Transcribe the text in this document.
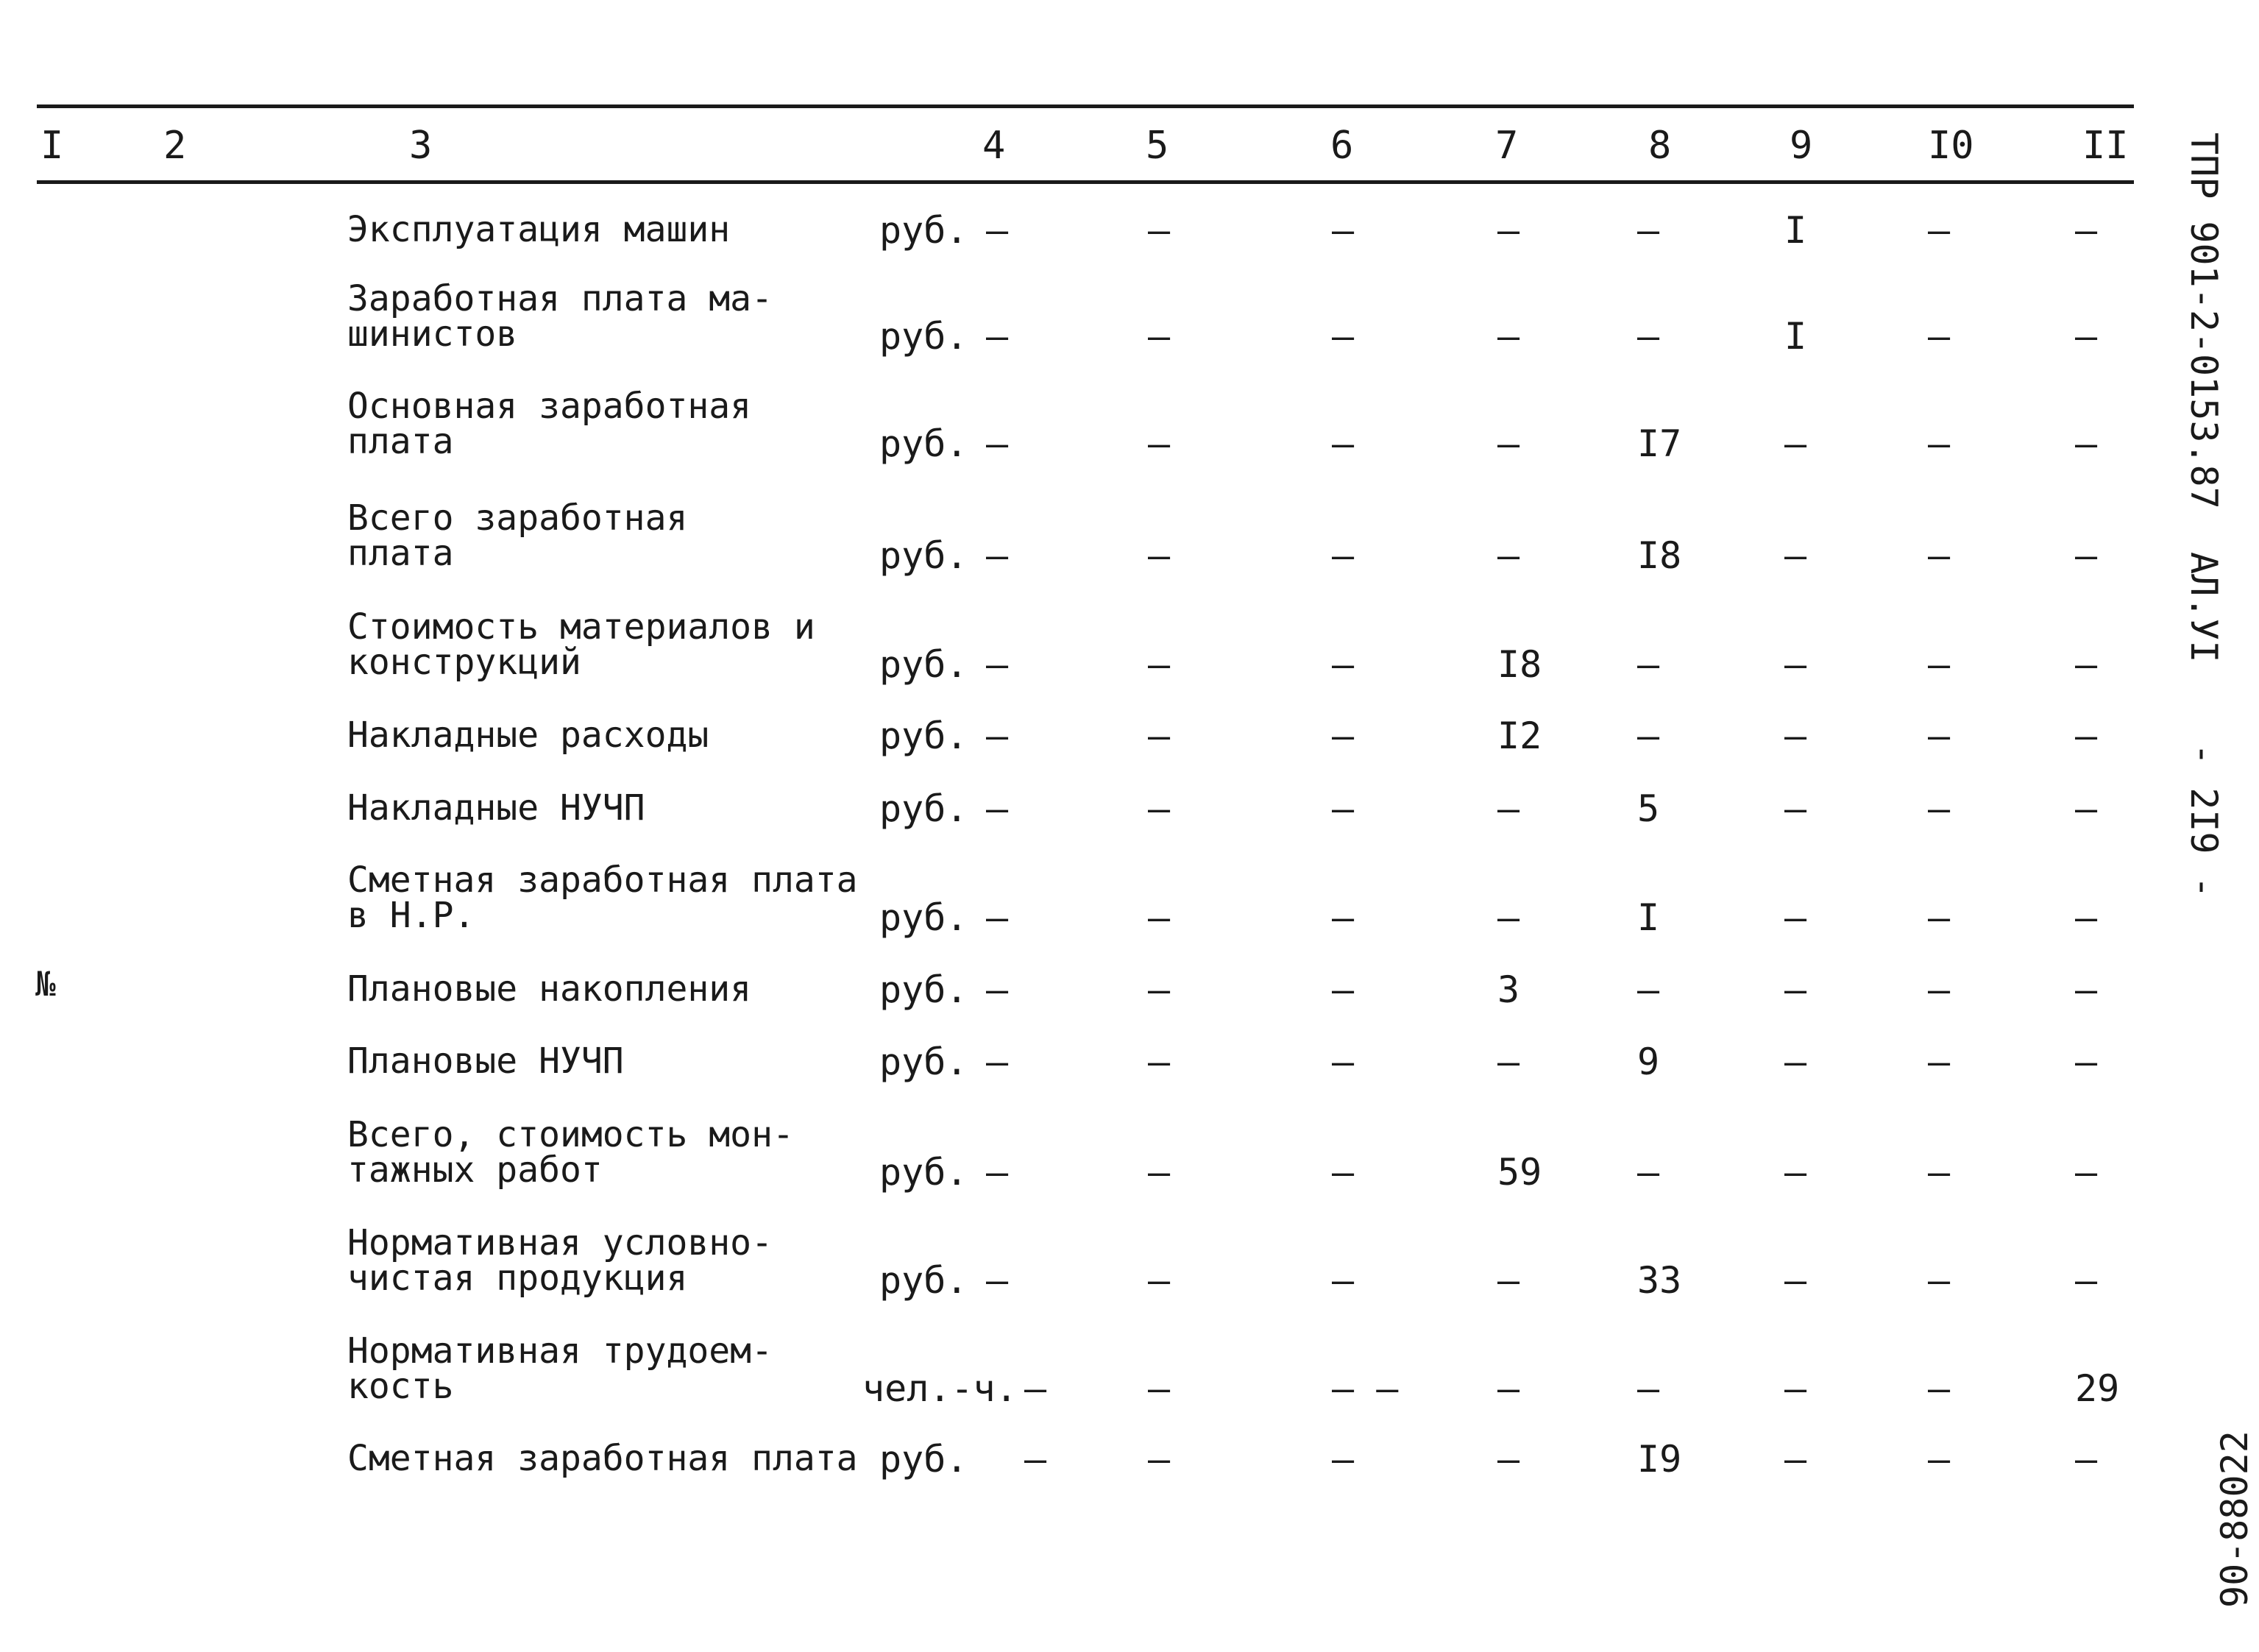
I	2	3	4	5	6	7	8	9	I0	II
Эксплуатация машин	руб. –	–	–	–	–	I	–	–
Заработная плата ма-
шинистов	руб. –	–	–	–	–	I	–	–
Основная заработная
плата	руб. –	–	–	–	I7	–	–	–
Всего заработная
плата	руб. –	–	–	–	I8	–	–	–
Стоимость материалов и
конструкций	руб. –	–	–	I8	–	–	–	–
Накладные расходы	руб. –	–	–	I2	–	–	–	–
Накладные НУЧП	руб. –	–	–	–	5	–	–	–
Сметная заработная плата
в Н.Р.	руб. –	–	–	–	I	–	–	–
Плановые накопления	руб. –	–	–	3	–	–	–	–
Плановые НУЧП	руб. –	–	–	–	9	–	–	–
Всего, стоимость мон-
тажных работ	руб. –	–	–	59	–	–	–	–
Нормативная условно-
чистая продукция	руб. –	–	–	–	33	–	–	–
Нормативная трудоем-
кость	чел.-ч. –	–	– –	–	–	–	–	29
Сметная заработная плата руб. –	–	–	–	I9	–	–	–
№
ТПР 901-2-0153.87
АЛ.УI
- 2I9 -
90-88022
